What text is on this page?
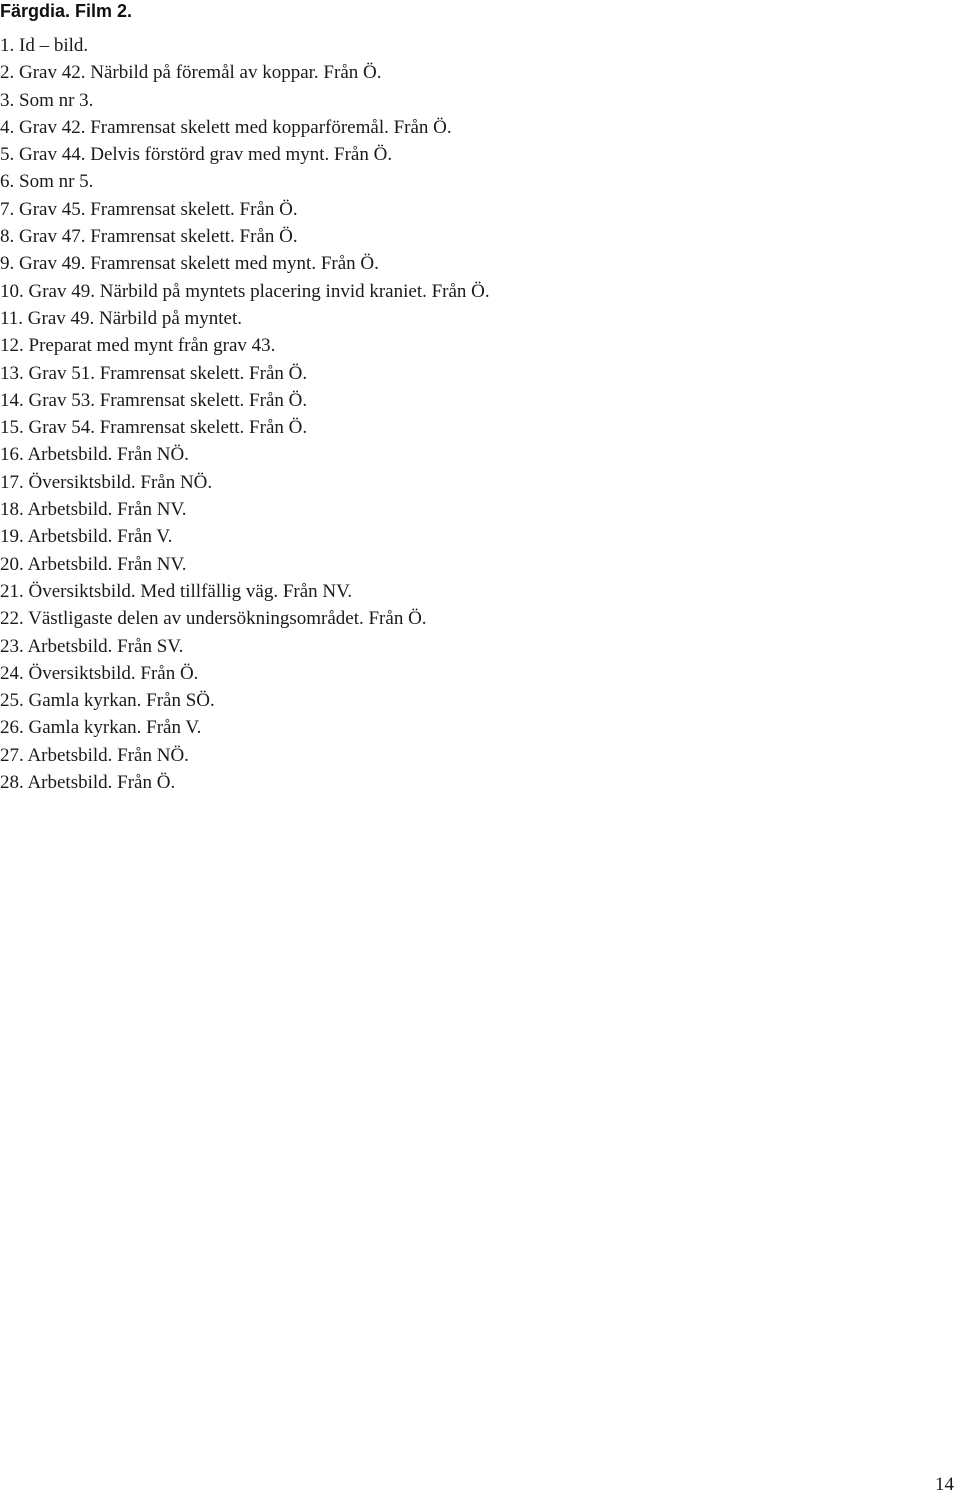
Färgdia. Film 2.
1. Id – bild.
2. Grav 42. Närbild på föremål av koppar. Från Ö.
3. Som nr 3.
4. Grav 42. Framrensat skelett med kopparföremål. Från Ö.
5. Grav 44. Delvis förstörd grav med mynt. Från Ö.
6. Som nr 5.
7. Grav 45. Framrensat skelett. Från Ö.
8. Grav 47. Framrensat skelett. Från Ö.
9. Grav 49. Framrensat skelett med mynt. Från Ö.
10. Grav 49. Närbild på myntets placering invid kraniet. Från Ö.
11. Grav 49. Närbild på myntet.
12. Preparat med mynt från grav 43.
13. Grav 51. Framrensat skelett. Från Ö.
14. Grav 53. Framrensat skelett. Från Ö.
15. Grav 54. Framrensat skelett. Från Ö.
16. Arbetsbild. Från NÖ.
17. Översiktsbild. Från NÖ.
18. Arbetsbild. Från NV.
19. Arbetsbild. Från V.
20. Arbetsbild. Från NV.
21. Översiktsbild. Med tillfällig väg. Från NV.
22. Västligaste delen av undersökningsområdet. Från Ö.
23. Arbetsbild. Från SV.
24. Översiktsbild. Från Ö.
25. Gamla kyrkan. Från SÖ.
26. Gamla kyrkan. Från V.
27. Arbetsbild. Från NÖ.
28. Arbetsbild. Från Ö.
14
